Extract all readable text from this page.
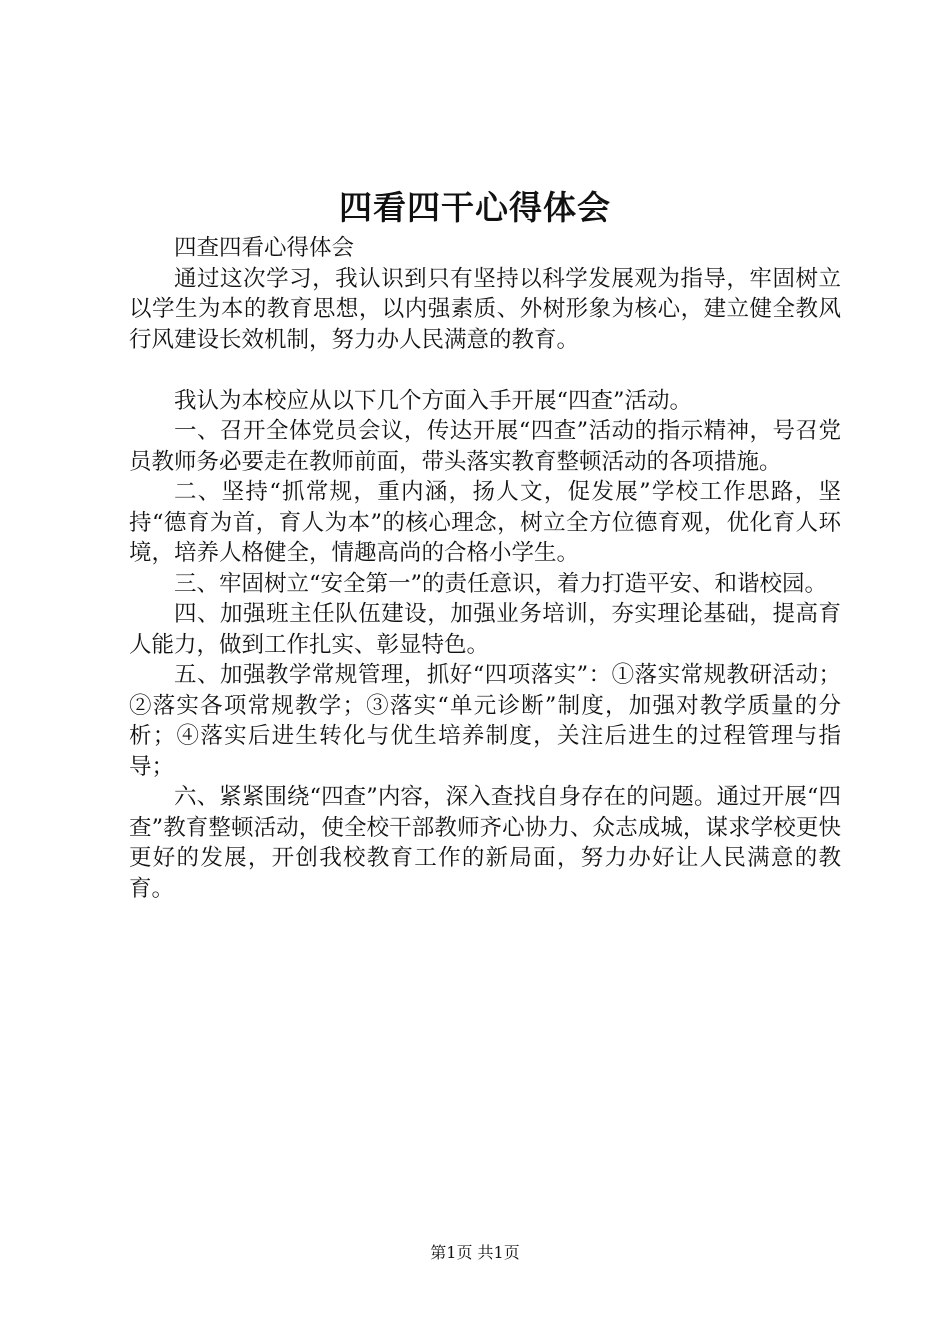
四看四干心得体会

四查四看心得体会

通过这次学习，我认识到只有坚持以科学发展观为指导，牢固树立以学生为本的教育思想，以内强素质、外树形象为核心，建立健全教风行风建设长效机制，努力办人民满意的教育。

我认为本校应从以下几个方面入手开展“四查”活动。

一、召开全体党员会议，传达开展“四查”活动的指示精神，号召党员教师务必要走在教师前面，带头落实教育整顿活动的各项措施。

二、坚持“抓常规，重内涵，扬人文，促发展”学校工作思路，坚持“德育为首，育人为本”的核心理念，树立全方位德育观，优化育人环境，培养人格健全，情趣高尚的合格小学生。

三、牢固树立“安全第一”的责任意识，着力打造平安、和谐校园。

四、加强班主任队伍建设，加强业务培训，夯实理论基础，提高育人能力，做到工作扎实、彰显特色。

五、加强教学常规管理，抓好“四项落实”：①落实常规教研活动；②落实各项常规教学；③落实“单元诊断”制度，加强对教学质量的分析；④落实后进生转化与优生培养制度，关注后进生的过程管理与指导；

六、紧紧围绕“四查”内容，深入查找自身存在的问题。通过开展“四查”教育整顿活动，使全校干部教师齐心协力、众志成城，谋求学校更快更好的发展，开创我校教育工作的新局面，努力办好让人民满意的教育。

第1页 共1页
